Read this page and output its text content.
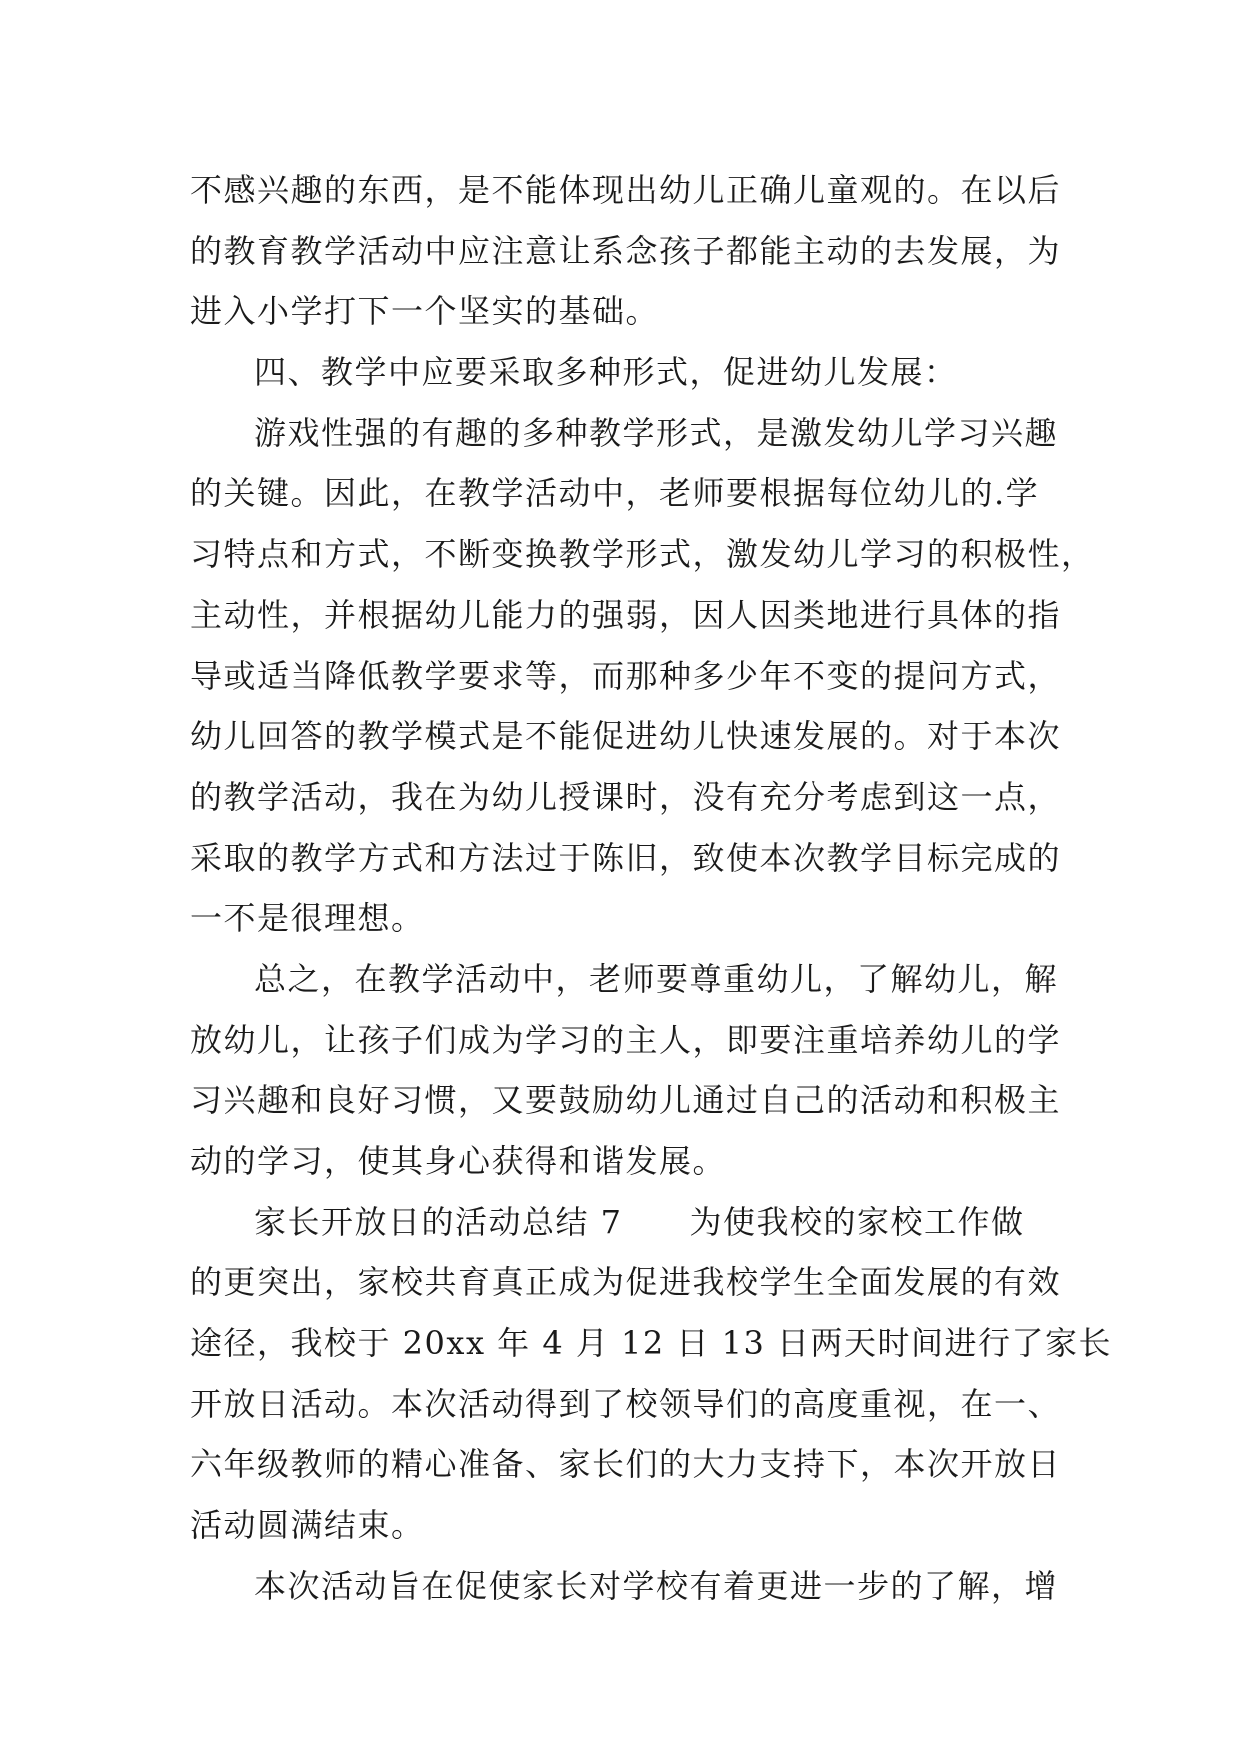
不感兴趣的东西，是不能体现出幼儿正确儿童观的。在以后
的教育教学活动中应注意让系念孩子都能主动的去发展，为
进入小学打下一个坚实的基础。
四、教学中应要采取多种形式，促进幼儿发展：
游戏性强的有趣的多种教学形式，是激发幼儿学习兴趣
的关键。因此，在教学活动中，老师要根据每位幼儿的.学
习特点和方式，不断变换教学形式，激发幼儿学习的积极性，
主动性，并根据幼儿能力的强弱，因人因类地进行具体的指
导或适当降低教学要求等，而那种多少年不变的提问方式，
幼儿回答的教学模式是不能促进幼儿快速发展的。对于本次
的教学活动，我在为幼儿授课时，没有充分考虑到这一点，
采取的教学方式和方法过于陈旧，致使本次教学目标完成的
一不是很理想。
总之，在教学活动中，老师要尊重幼儿，了解幼儿，解
放幼儿，让孩子们成为学习的主人，即要注重培养幼儿的学
习兴趣和良好习惯，又要鼓励幼儿通过自己的活动和积极主
动的学习，使其身心获得和谐发展。
家长开放日的活动总结 7　　为使我校的家校工作做
的更突出，家校共育真正成为促进我校学生全面发展的有效
途径，我校于 20xx 年 4 月 12 日 13 日两天时间进行了家长
开放日活动。本次活动得到了校领导们的高度重视，在一、
六年级教师的精心准备、家长们的大力支持下，本次开放日
活动圆满结束。
本次活动旨在促使家长对学校有着更进一步的了解，增
